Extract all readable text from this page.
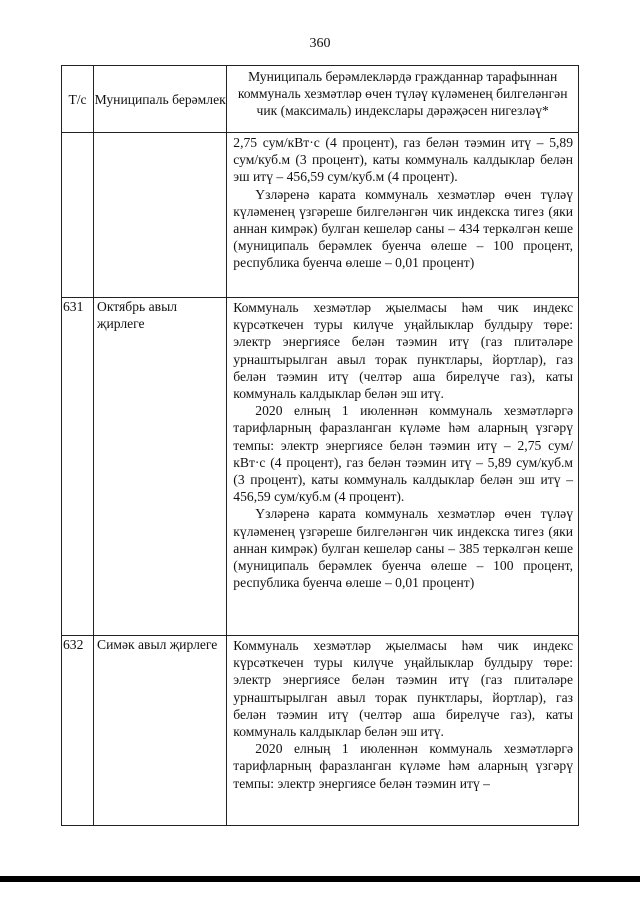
360
Т/с	Муниципаль берәмлек	Муниципаль берәмлекләрдә гражданнар тарафыннан коммуналь хезмәтләр өчен түләү күләменең билгеләнгән чик (максималь) индекслары дәрәҗәсен нигезләү*

		2,75 сум/кВт·с (4 процент), газ белән тәэмин итү – 5,89 сум/куб.м (3 процент), каты коммуналь калдыклар белән эш итү – 456,59 сум/куб.м (4 процент).

Үзләренә карата коммуналь хезмәтләр өчен түләү күләменең үзгәреше билгеләнгән чик индекска тигез (яки аннан кимрәк) булган кешеләр саны – 434 теркәлгән кеше (муниципаль берәмлек буенча өлеше – 100 процент, республика буенча өлеше – 0,01 процент)

631	Октябрь авыл җирлеге	Коммуналь хезмәтләр җыелмасы һәм чик индекс күрсәткечен туры килүче уңайлыклар булдыру төре: электр энергиясе белән тәэмин итү (газ плитәләре урнаштырылган авыл торак пунктлары, йортлар), газ белән тәэмин итү (челтәр аша бирелүче газ), каты коммуналь калдыклар белән эш итү.

2020 елның 1 июленнән коммуналь хезмәтләргә тарифларның фаразланган күләме һәм аларның үзгәрү темпы: электр энергиясе белән тәэмин итү – 2,75 сум/кВт·с (4 процент), газ белән тәэмин итү – 5,89 сум/куб.м (3 процент), каты коммуналь калдыклар белән эш итү – 456,59 сум/куб.м (4 процент).

Үзләренә карата коммуналь хезмәтләр өчен түләү күләменең үзгәреше билгеләнгән чик индекска тигез (яки аннан кимрәк) булган кешеләр саны – 385 теркәлгән кеше (муниципаль берәмлек буенча өлеше – 100 процент, республика буенча өлеше – 0,01 процент)

632	Симәк авыл җирлеге	Коммуналь хезмәтләр җыелмасы һәм чик индекс күрсәткечен туры килүче уңайлыклар булдыру төре: электр энергиясе белән тәэмин итү (газ плитәләре урнаштырылган авыл торак пунктлары, йортлар), газ белән тәэмин итү (челтәр аша бирелүче газ), каты коммуналь калдыклар белән эш итү.

2020 елның 1 июленнән коммуналь хезмәтләргә тарифларның фаразланган күләме һәм аларның үзгәрү темпы: электр энергиясе белән тәэмин итү –
